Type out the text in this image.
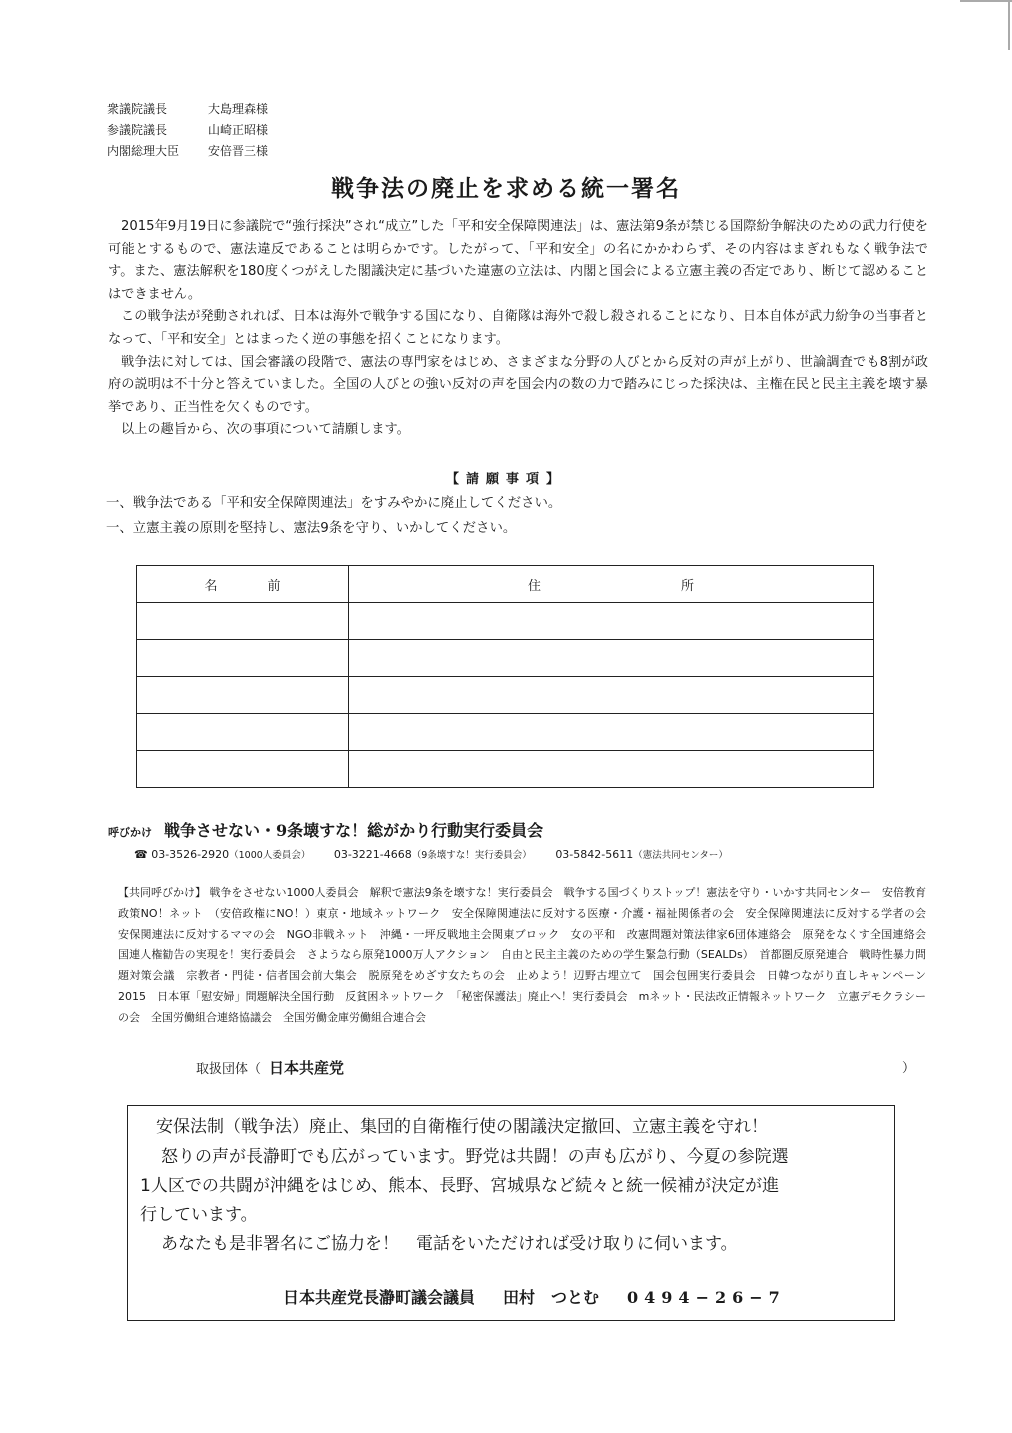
衆議院議長	大島理森様
参議院議長	山崎正昭様
内閣総理大臣 安倍晋三様
戦争法の廃止を求める統一署名

2015年9月19日に参議院で“強行採決”され“成立”した「平和安全保障関連法」は、憲法第9条が禁じる国際紛争解決のための武力行使を可能とするもので、憲法違反であることは明らかです。したがって、「平和安全」の名にかかわらず、その内容はまぎれもなく戦争法です。また、憲法解釈を180度くつがえした閣議決定に基づいた違憲の立法は、内閣と国会による立憲主義の否定であり、断じて認めることはできません。

この戦争法が発動されれば、日本は海外で戦争する国になり、自衛隊は海外で殺し殺されることになり、日本自体が武力紛争の当事者となって、「平和安全」とはまったく逆の事態を招くことになります。

戦争法に対しては、国会審議の段階で、憲法の専門家をはじめ、さまざまな分野の人びとから反対の声が上がり、世論調査でも8割が政府の説明は不十分と答えていました。全国の人びとの強い反対の声を国会内の数の力で踏みにじった採決は、主権在民と民主主義を壊す暴挙であり、正当性を欠くものです。

以上の趣旨から、次の事項について請願します。

【請願事項】
一、戦争法である「平和安全保障関連法」をすみやかに廃止してください。
一、立憲主義の原則を堅持し、憲法9条を守り、いかしてください。
名前	住所

呼びかけ 戦争させない・9条壊すな！総がかり行動実行委員会
☎ 03-3526-2920（1000人委員会） 03-3221-4668（9条壊すな！実行委員会） 03-5842-5611（憲法共同センター）
【共同呼びかけ】 戦争をさせない1000人委員会　解釈で憲法9条を壊すな！実行委員会　戦争する国づくりストップ！憲法を守り・いかす共同センター　安倍教育政策NO！ネット　（安倍政権にNO！）東京・地域ネットワーク　安全保障関連法に反対する医療・介護・福祉関係者の会　安全保障関連法に反対する学者の会　安保関連法に反対するママの会　NGO非戦ネット　沖縄・一坪反戦地主会関東ブロック　女の平和　改憲問題対策法律家6団体連絡会　原発をなくす全国連絡会　国連人権勧告の実現を！実行委員会　さようなら原発1000万人アクション　自由と民主主義のための学生緊急行動（SEALDs）　首都圏反原発連合　戦時性暴力問題対策会議　宗教者・門徒・信者国会前大集会　脱原発をめざす女たちの会　止めよう！辺野古埋立て　国会包囲実行委員会　日韓つながり直しキャンペーン2015　日本軍「慰安婦」問題解決全国行動　反貧困ネットワーク　「秘密保護法」廃止へ！実行委員会　mネット・民法改正情報ネットワーク　立憲デモクラシーの会　全国労働組合連絡協議会　全国労働金庫労働組合連合会
取扱団体（ 日本共産党	）
安保法制（戦争法）廃止、集団的自衛権行使の閣議決定撤回、立憲主義を守れ！
怒りの声が長瀞町でも広がっています。野党は共闘！の声も広がり、今夏の参院選
1人区での共闘が沖縄をはじめ、熊本、長野、宮城県など続々と統一候補が決定が進
行しています。
あなたも是非署名にご協力を！　電話をいただければ受け取りに伺います。
日本共産党長瀞町議会議員 田村　つとむ 0494−26−7
